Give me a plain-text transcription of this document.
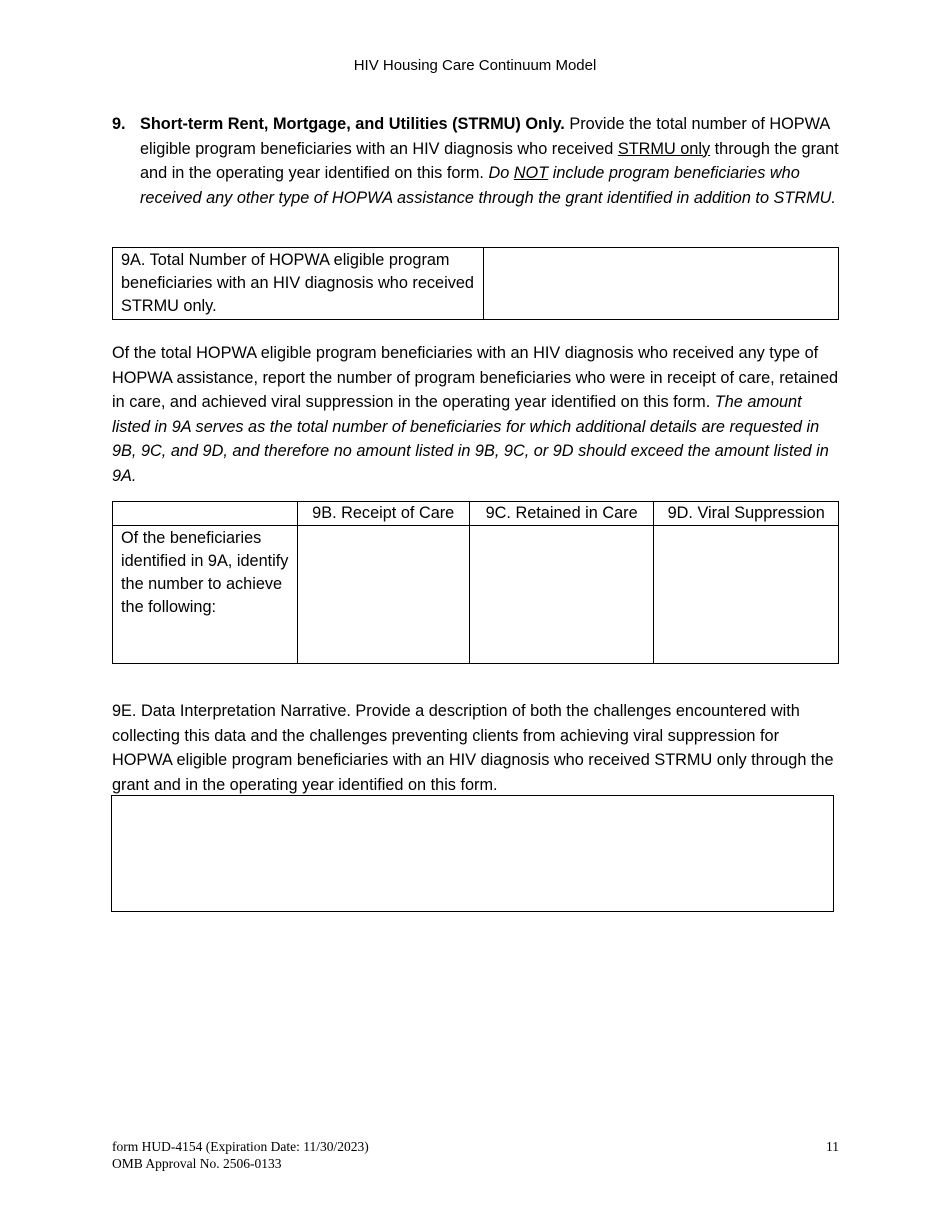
HIV Housing Care Continuum Model
9. Short-term Rent, Mortgage, and Utilities (STRMU) Only. Provide the total number of HOPWA eligible program beneficiaries with an HIV diagnosis who received STRMU only through the grant and in the operating year identified on this form. Do NOT include program beneficiaries who received any other type of HOPWA assistance through the grant identified in addition to STRMU.
9A. Total Number of HOPWA eligible program beneficiaries with an HIV diagnosis who received STRMU only.	
Of the total HOPWA eligible program beneficiaries with an HIV diagnosis who received any type of HOPWA assistance, report the number of program beneficiaries who were in receipt of care, retained in care, and achieved viral suppression in the operating year identified on this form. The amount listed in 9A serves as the total number of beneficiaries for which additional details are requested in 9B, 9C, and 9D, and therefore no amount listed in 9B, 9C, or 9D should exceed the amount listed in 9A.
	9B. Receipt of Care	9C. Retained in Care	9D. Viral Suppression
Of the beneficiaries identified in 9A, identify the number to achieve the following:			
9E. Data Interpretation Narrative. Provide a description of both the challenges encountered with collecting this data and the challenges preventing clients from achieving viral suppression for HOPWA eligible program beneficiaries with an HIV diagnosis who received STRMU only through the grant and in the operating year identified on this form.
form HUD-4154 (Expiration Date: 11/30/2023)
OMB Approval No. 2506-0133
11
